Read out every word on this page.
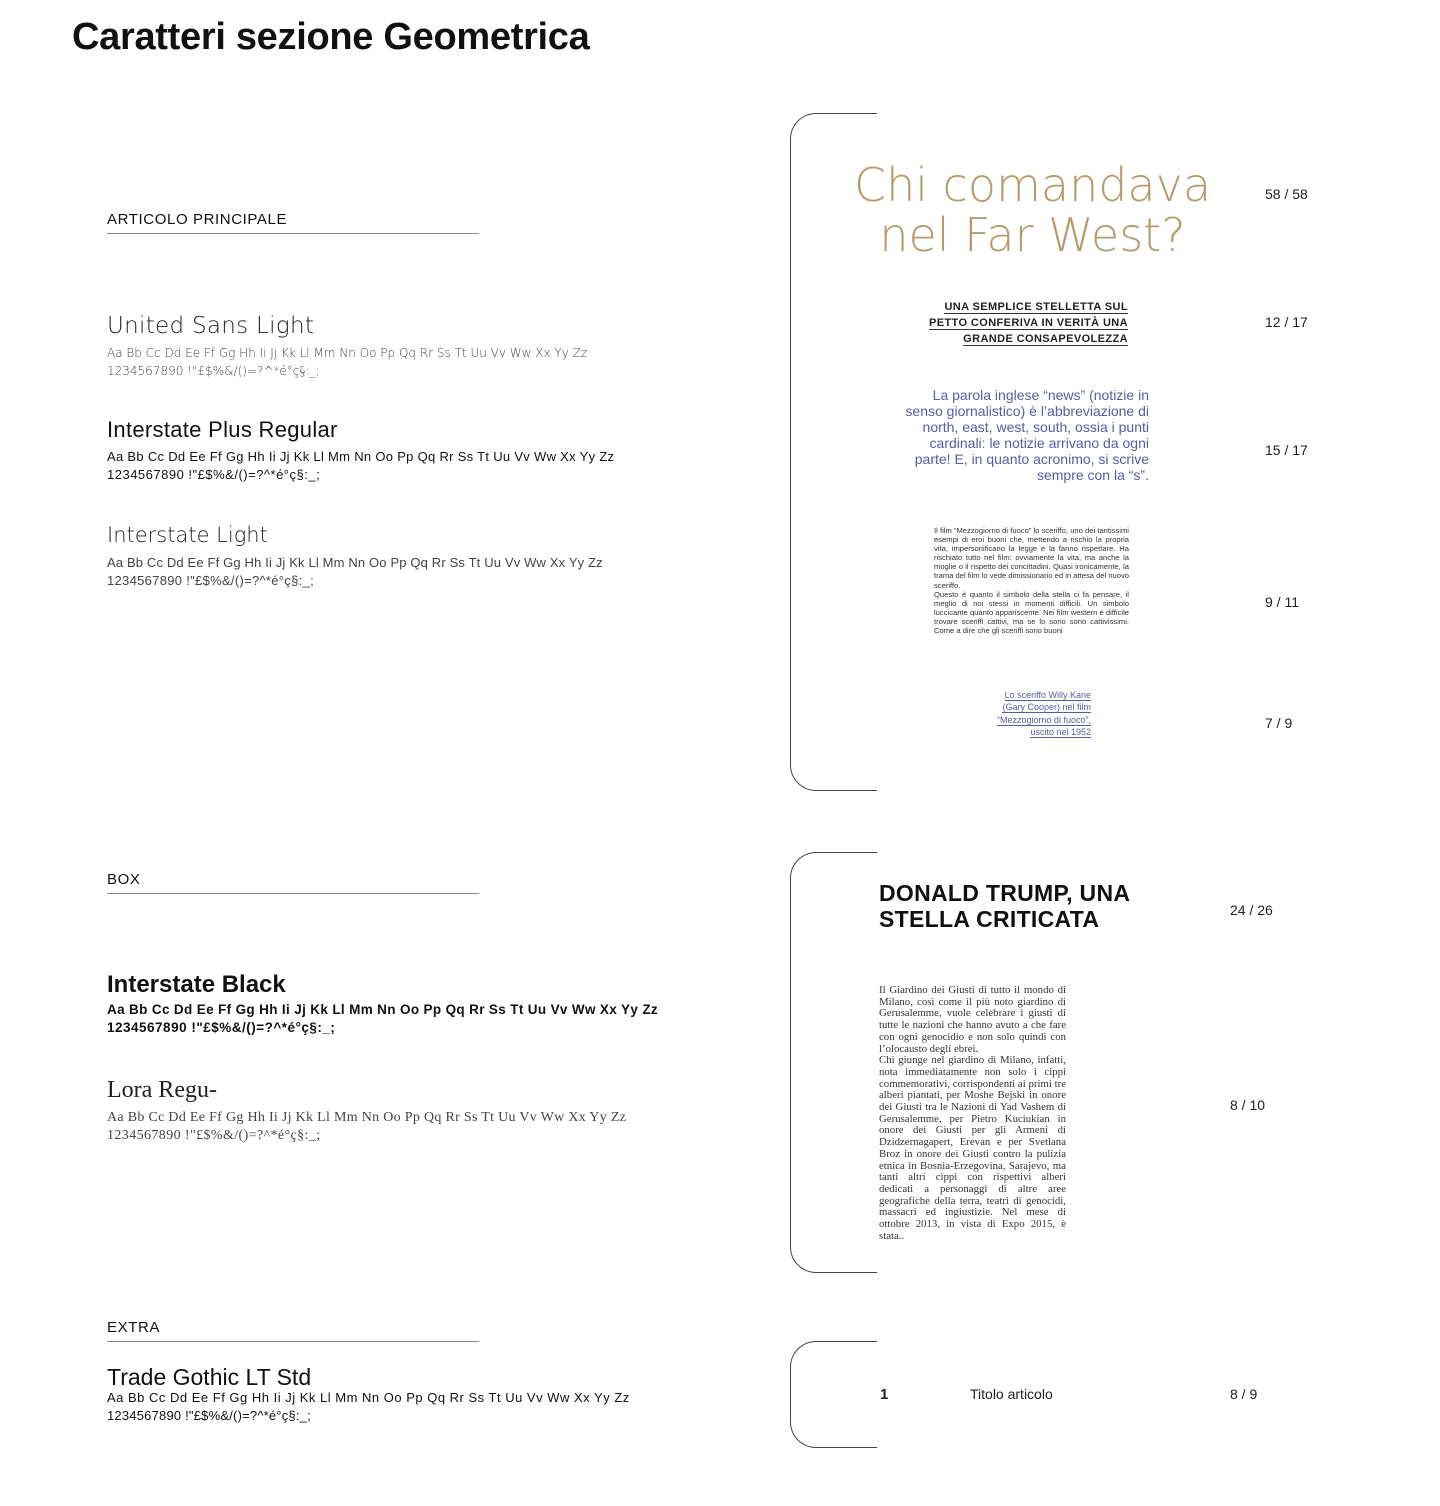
Caratteri sezione Geometrica
ARTICOLO PRINCIPALE
United Sans Light
Aa Bb Cc Dd Ee Ff Gg Hh Ii Jj Kk Ll Mm Nn Oo Pp Qq Rr Ss Tt Uu Vv Ww Xx Yy Zz
1234567890 !"£$%&/()=?^*é°ç§:_;
Interstate Plus Regular
Aa Bb Cc Dd Ee Ff Gg Hh Ii Jj Kk Ll Mm Nn Oo Pp Qq Rr Ss Tt Uu Vv Ww Xx Yy Zz
1234567890 !"£$%&/()=?^*é°ç§:_;
Interstate Light
Aa Bb Cc Dd Ee Ff Gg Hh Ii Jj Kk Ll Mm Nn Oo Pp Qq Rr Ss Tt Uu Vv Ww Xx Yy Zz
1234567890 !"£$%&/()=?^*é°ç§:_;
BOX
Interstate Black
Aa Bb Cc Dd Ee Ff Gg Hh Ii Jj Kk Ll Mm Nn Oo Pp Qq Rr Ss Tt Uu Vv Ww Xx Yy Zz
1234567890 !"£$%&/()=?^*é°ç§:_;
Lora Regu-
Aa Bb Cc Dd Ee Ff Gg Hh Ii Jj Kk Ll Mm Nn Oo Pp Qq Rr Ss Tt Uu Vv Ww Xx Yy Zz
1234567890 !"£$%&/()=?^*é°ç§:_;
EXTRA
Trade Gothic LT Std
Aa Bb Cc Dd Ee Ff Gg Hh Ii Jj Kk Ll Mm Nn Oo Pp Qq Rr Ss Tt Uu Vv Ww Xx Yy Zz
1234567890 !"£$%&/()=?^*é°ç§:_;
Chi comandava
nel Far West?
58 / 58
UNA SEMPLICE STELLETTA SUL
PETTO CONFERIVA IN VERITÀ UNA
GRANDE CONSAPEVOLEZZA
12 / 17
La parola inglese “news” (notizie in senso giornalistico) è l’abbreviazione di north, east, west, south, ossia i punti cardinali: le notizie arrivano da ogni parte! E, in quanto acronimo, si scrive sempre con la “s”.
15 / 17
Il film “Mezzogiorno di fuoco” lo sceriffo, uno dei tantissimi esempi di eroi buoni che, mettendo a rischio la propria vita, impersonificano la legge e la fanno rispettare. Ha rischiato tutto nel film: ovviamente la vita, ma anche la moglie o il rispetto dei concittadini. Quasi ironicamente, la trama del film lo vede dimissionario ed in attesa del nuovo sceriffo.
Questo è quanto il simbolo della stella ci fa pensare, il meglio di noi stessi in momenti difficili. Un simbolo luccicante quanto appariscente. Nei film western è difficile trovare sceriffi cattivi, ma se lo sono sono cattivissimi. Come a dire che gli sceriffi sono buoni
9 / 11
Lo sceriffo Willy Kane
(Gary Cooper) nel film
“Mezzogiorno di fuoco”,
uscito nel 1952
7 / 9
DONALD TRUMP, UNA
STELLA CRITICATA	24 / 26
Il Giardino dei Giusti di tutto il mondo di Milano, così come il più noto giardino di Gerusalemme, vuole celebrare i giusti di tutte le nazioni che hanno avuto a che fare con ogni genocidio e non solo quindi con l’olocausto degli ebrei.
Chi giunge nel giardino di Milano, infatti, nota immediatamente non solo i cippi commemorativi, corrispondenti ai primi tre alberi piantati, per Moshe Bejski in onore dei Giusti tra le Nazioni di Yad Vashem di Gerusalemme, per Pietro Kuciukian in onore dei Giusti per gli Armeni di Dzidzernagapert, Erevan e per Svetlana Broz in onore dei Giusti contro la pulizia etnica in Bosnia-Erzegovina, Sarajevo, ma tanti altri cippi con rispettivi alberi dedicati a personaggi di altre aree geografiche della terra, teatri di genocidi, massacri ed ingiustizie. Nel mese di ottobre 2013, in vista di Expo 2015, è stata..
8 / 10
1	Titolo articolo	8 / 9
